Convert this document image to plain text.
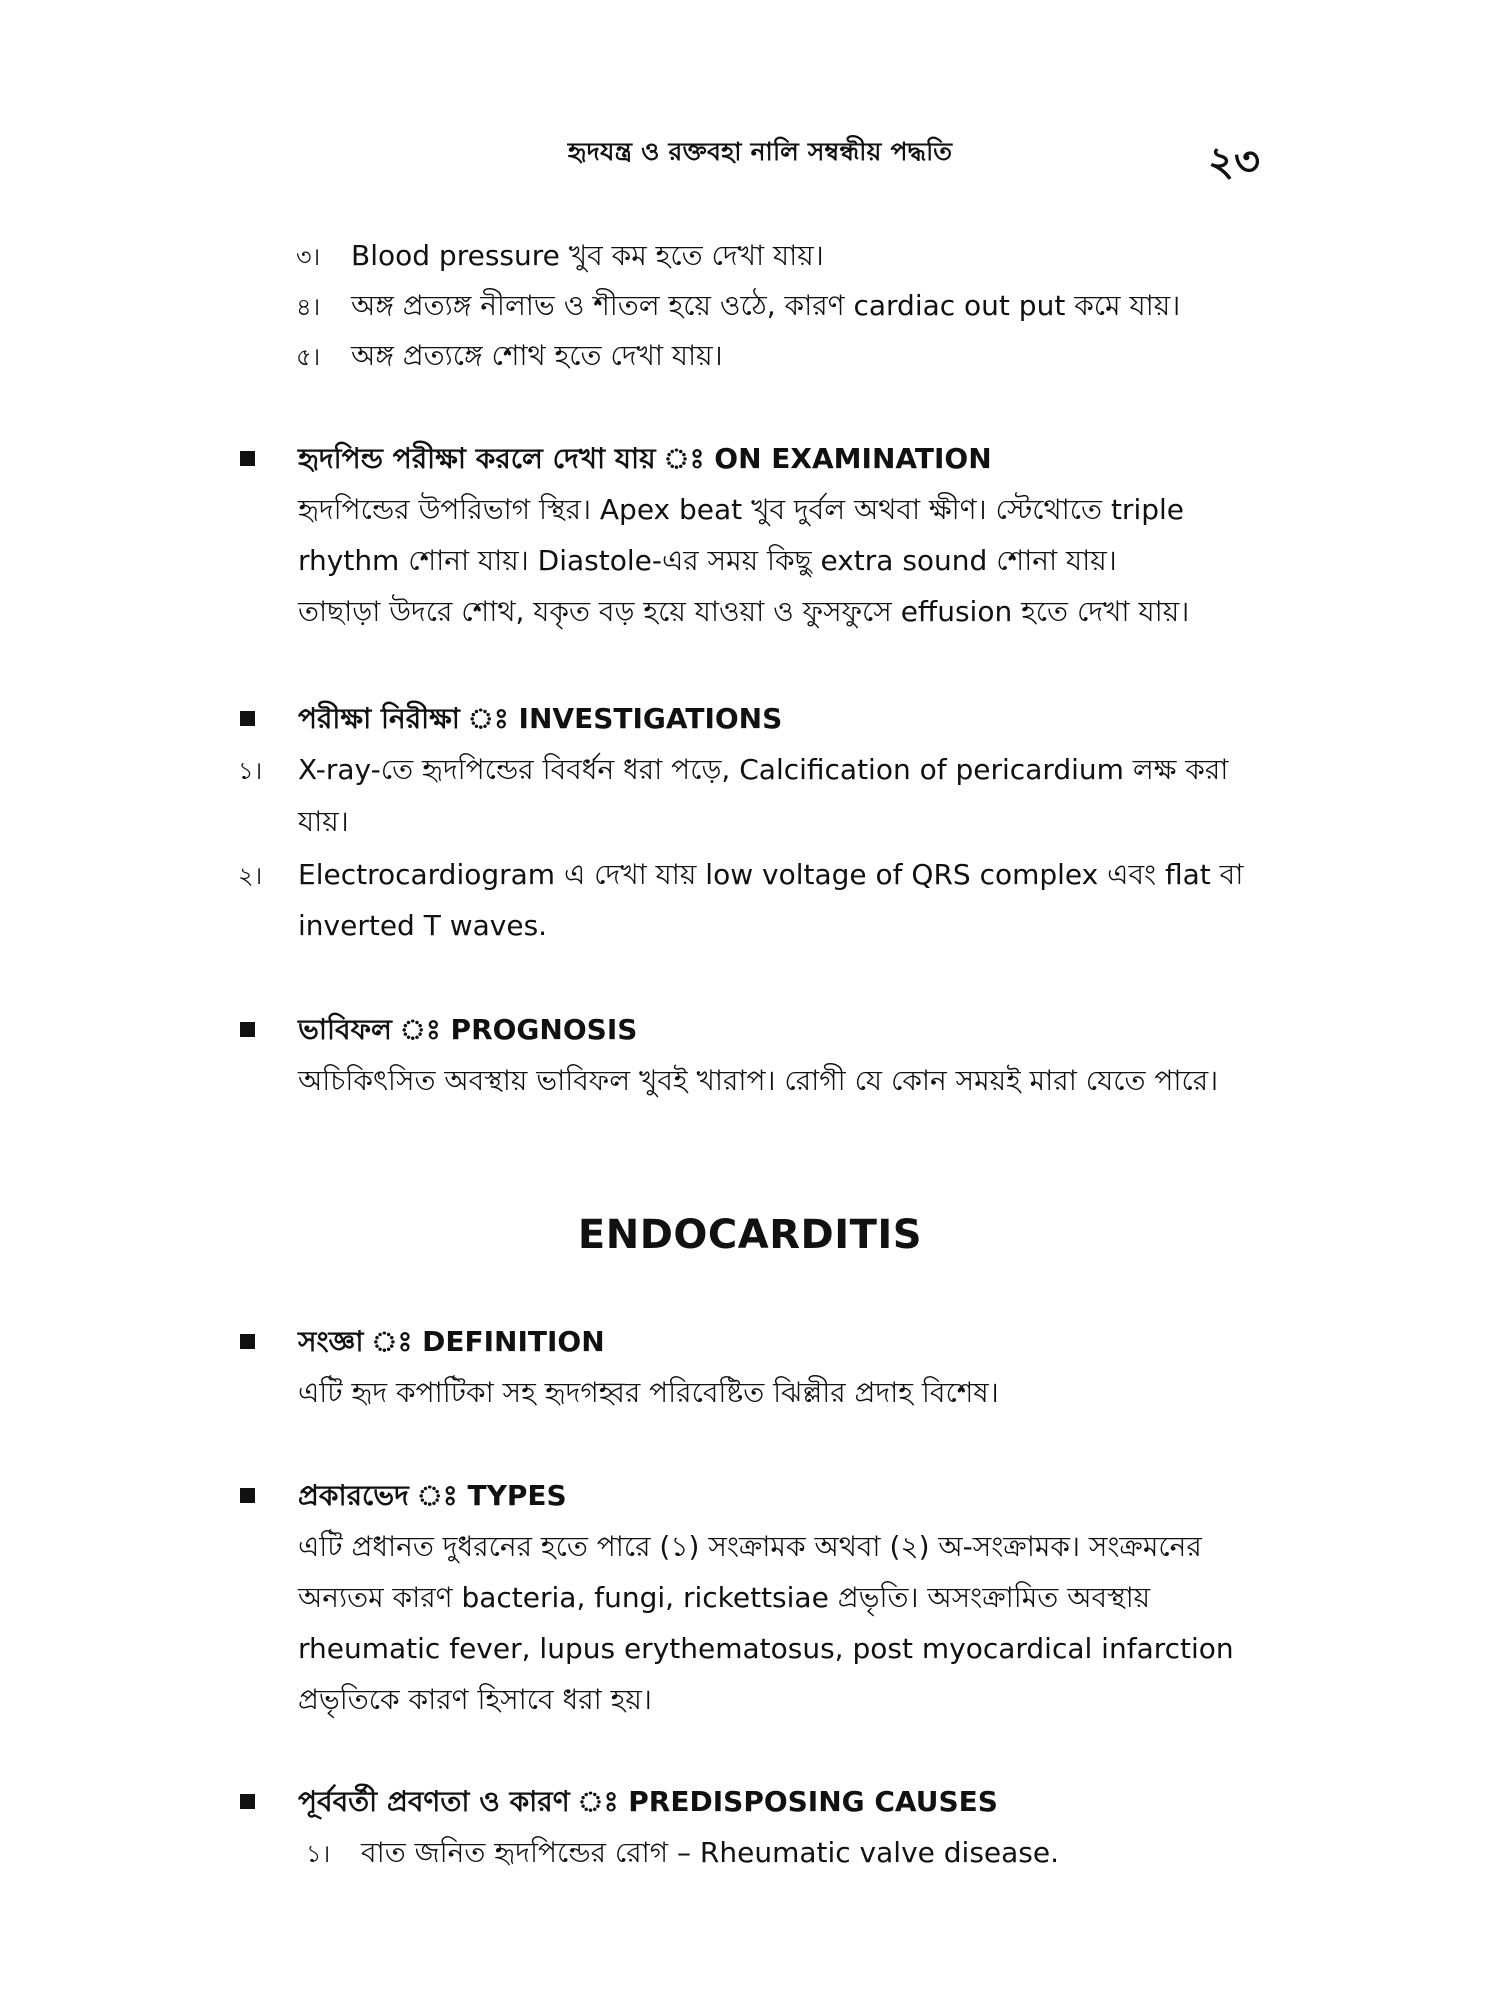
হৃদযন্ত্র ও রক্তবহা নালি সম্বন্ধীয় পদ্ধতি	২৩
৩। Blood pressure খুব কম হতে দেখা যায়।
৪। অঙ্গ প্রত্যঙ্গ নীলাভ ও শীতল হয়ে ওঠে, কারণ cardiac out put কমে যায়।
৫। অঙ্গ প্রত্যঙ্গে শোথ হতে দেখা যায়।
হৃদপিন্ড পরীক্ষা করলে দেখা যায় ঃ ON EXAMINATION
হৃদপিন্ডের উপরিভাগ স্থির। Apex beat খুব দুর্বল অথবা ক্ষীণ। স্টেথোতে triple
rhythm শোনা যায়। Diastole-এর সময় কিছু extra sound শোনা যায়।
তাছাড়া উদরে শোথ, যকৃত বড় হয়ে যাওয়া ও ফুসফুসে effusion হতে দেখা যায়।
পরীক্ষা নিরীক্ষা ঃ INVESTIGATIONS
১। X-ray-তে হৃদপিন্ডের বিবর্ধন ধরা পড়ে, Calcification of pericardium লক্ষ করা
যায়।
২। Electrocardiogram এ দেখা যায় low voltage of QRS complex এবং flat বা
inverted T waves.
ভাবিফল ঃ PROGNOSIS
অচিকিৎসিত অবস্থায় ভাবিফল খুবই খারাপ। রোগী যে কোন সময়ই মারা যেতে পারে।
ENDOCARDITIS
সংজ্ঞা ঃ DEFINITION
এটি হৃদ কপাটিকা সহ হৃদগহ্বর পরিবেষ্টিত ঝিল্লীর প্রদাহ বিশেষ।
প্রকারভেদ ঃ TYPES
এটি প্রধানত দুধরনের হতে পারে (১) সংক্রামক অথবা (২) অ-সংক্রামক। সংক্রমনের
অন্যতম কারণ bacteria, fungi, rickettsiae প্রভৃতি। অসংক্রামিত অবস্থায়
rheumatic fever, lupus erythematosus, post myocardical infarction
প্রভৃতিকে কারণ হিসাবে ধরা হয়।
পূর্ববর্তী প্রবণতা ও কারণ ঃ PREDISPOSING CAUSES
১। বাত জনিত হৃদপিন্ডের রোগ – Rheumatic valve disease.
